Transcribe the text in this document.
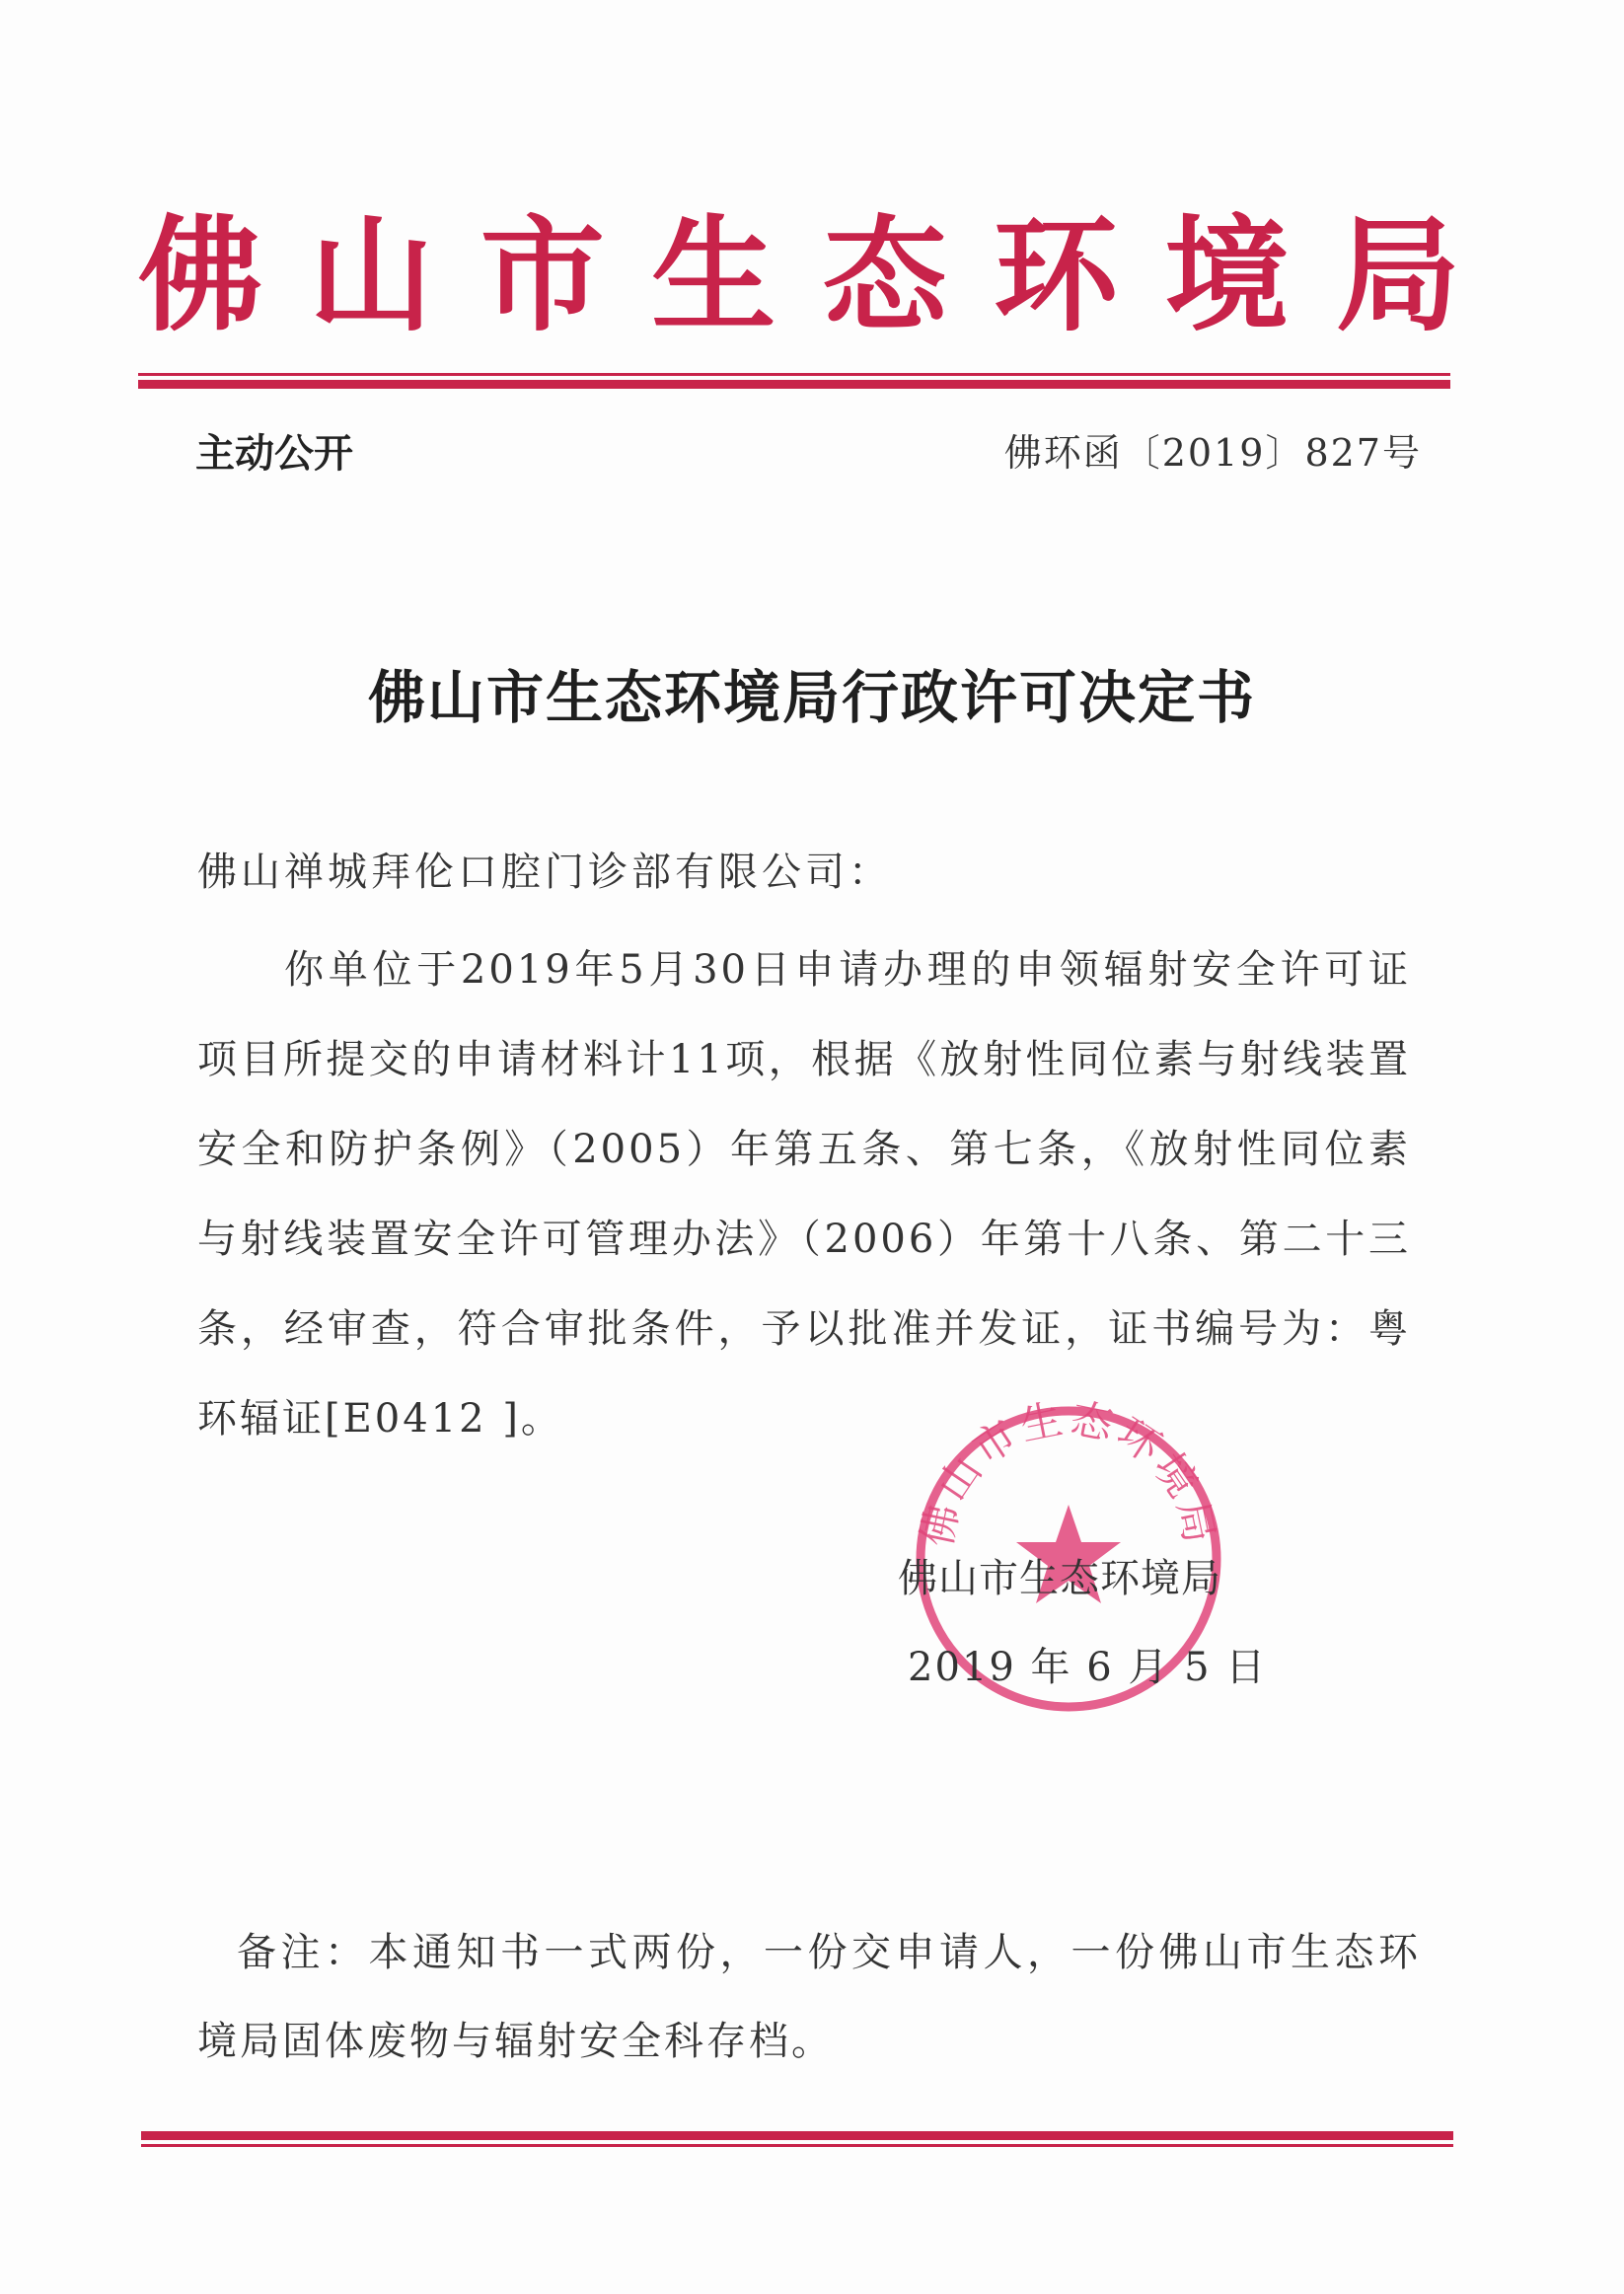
佛 山 市 生 态 环 境 局
主动公开	佛环函〔2019〕827号
佛山市生态环境局行政许可决定书
佛山禅城拜伦口腔门诊部有限公司：
你单位于2019年5月30日申请办理的申领辐射安全许可证项目所提交的申请材料计11项，根据《放射性同位素与射线装置安全和防护条例》（2005）年第五条、第七条，《放射性同位素与射线装置安全许可管理办法》（2006）年第十八条、第二十三条，经审查，符合审批条件，予以批准并发证，证书编号为：粤环辐证[E0412 ]。
佛山市生态环境局
佛山市生态环境局
2019 年 6 月 5 日
备注：本通知书一式两份，一份交申请人，一份佛山市生态环境局固体废物与辐射安全科存档。
